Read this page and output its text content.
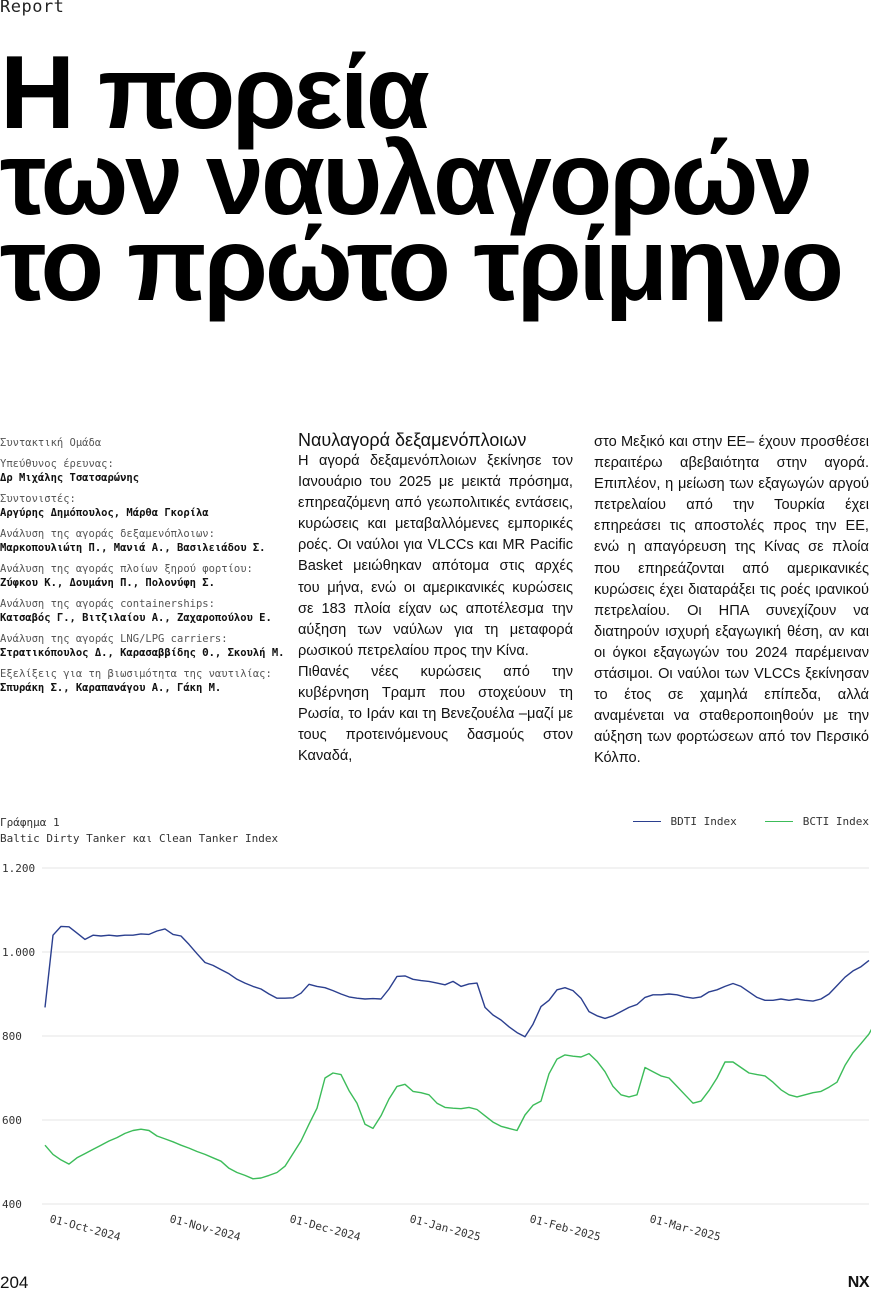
Report
Η πορεία
των ναυλαγορών
το πρώτο τρίμηνο
Συντακτική Ομάδα
Υπεύθυνος έρευνας:
Δρ Μιχάλης Τσατσαρώνης
Συντονιστές:
Αργύρης Δημόπουλος, Μάρθα Γκορίλα
Ανάλυση της αγοράς δεξαμενόπλοιων:
Μαρκοπουλιώτη Π., Μανιά Α., Βασιλειάδου Σ.
Ανάλυση της αγοράς πλοίων ξηρού φορτίου:
Ζύφκου Κ., Δουμάνη Π., Πολονύφη Σ.
Ανάλυση της αγοράς containerships:
Κατσαβός Γ., Βιτζιλαίου Α., Ζαχαροπούλου Ε.
Ανάλυση της αγοράς LNG/LPG carriers:
Στρατικόπουλος Δ., Καρασαββίδης Θ., Σκουλή Μ.
Εξελίξεις για τη βιωσιμότητα της ναυτιλίας:
Σπυράκη Σ., Καραπανάγου Α., Γάκη Μ.
Ναυλαγορά δεξαμενόπλοιων

Η αγορά δεξαμενόπλοιων ξεκίνησε τον Ιανουάριο του 2025 με μεικτά πρόσημα, επηρεαζόμενη από γεωπολιτικές εντάσεις, κυρώσεις και μεταβαλλόμενες εμπορικές ροές. Οι ναύλοι για VLCCs και MR Pacific Basket μειώθηκαν απότομα στις αρχές του μήνα, ενώ οι αμερικανικές κυρώσεις σε 183 πλοία είχαν ως αποτέλεσμα την αύξηση των ναύλων για τη μεταφορά ρωσικού πετρελαίου προς την Κίνα.

Πιθανές νέες κυρώσεις από την κυβέρνηση Τραμπ που στοχεύουν τη Ρωσία, το Ιράν και τη Βενεζουέλα –μαζί με τους προτεινόμενους δασμούς στον Καναδά,

στο Μεξικό και στην ΕΕ– έχουν προσθέσει περαιτέρω αβεβαιότητα στην αγορά. Επιπλέον, η μείωση των εξαγωγών αργού πετρελαίου από την Τουρκία έχει επηρεάσει τις αποστολές προς την ΕΕ, ενώ η απαγόρευση της Κίνας σε πλοία που επηρεάζονται από αμερικανικές κυρώσεις έχει διαταράξει τις ροές ιρανικού πετρελαίου. Οι ΗΠΑ συνεχίζουν να διατηρούν ισχυρή εξαγωγική θέση, αν και οι όγκοι εξαγωγών του 2024 παρέμειναν στάσιμοι. Οι ναύλοι των VLCCs ξεκίνησαν το έτος σε χαμηλά επίπεδα, αλλά αναμένεται να σταθεροποιηθούν με την αύξηση των φορτώσεων από τον Περσικό Κόλπο.

Γράφημα 1
Baltic Dirty Tanker και Clean Tanker Index
BDTI Index	BCTI Index
400
600
800
1.000
1.200
01-Oct-2024	01-Nov-2024	01-Dec-2024	01-Jan-2025	01-Feb-2025	01-Mar-2025
204	NX
